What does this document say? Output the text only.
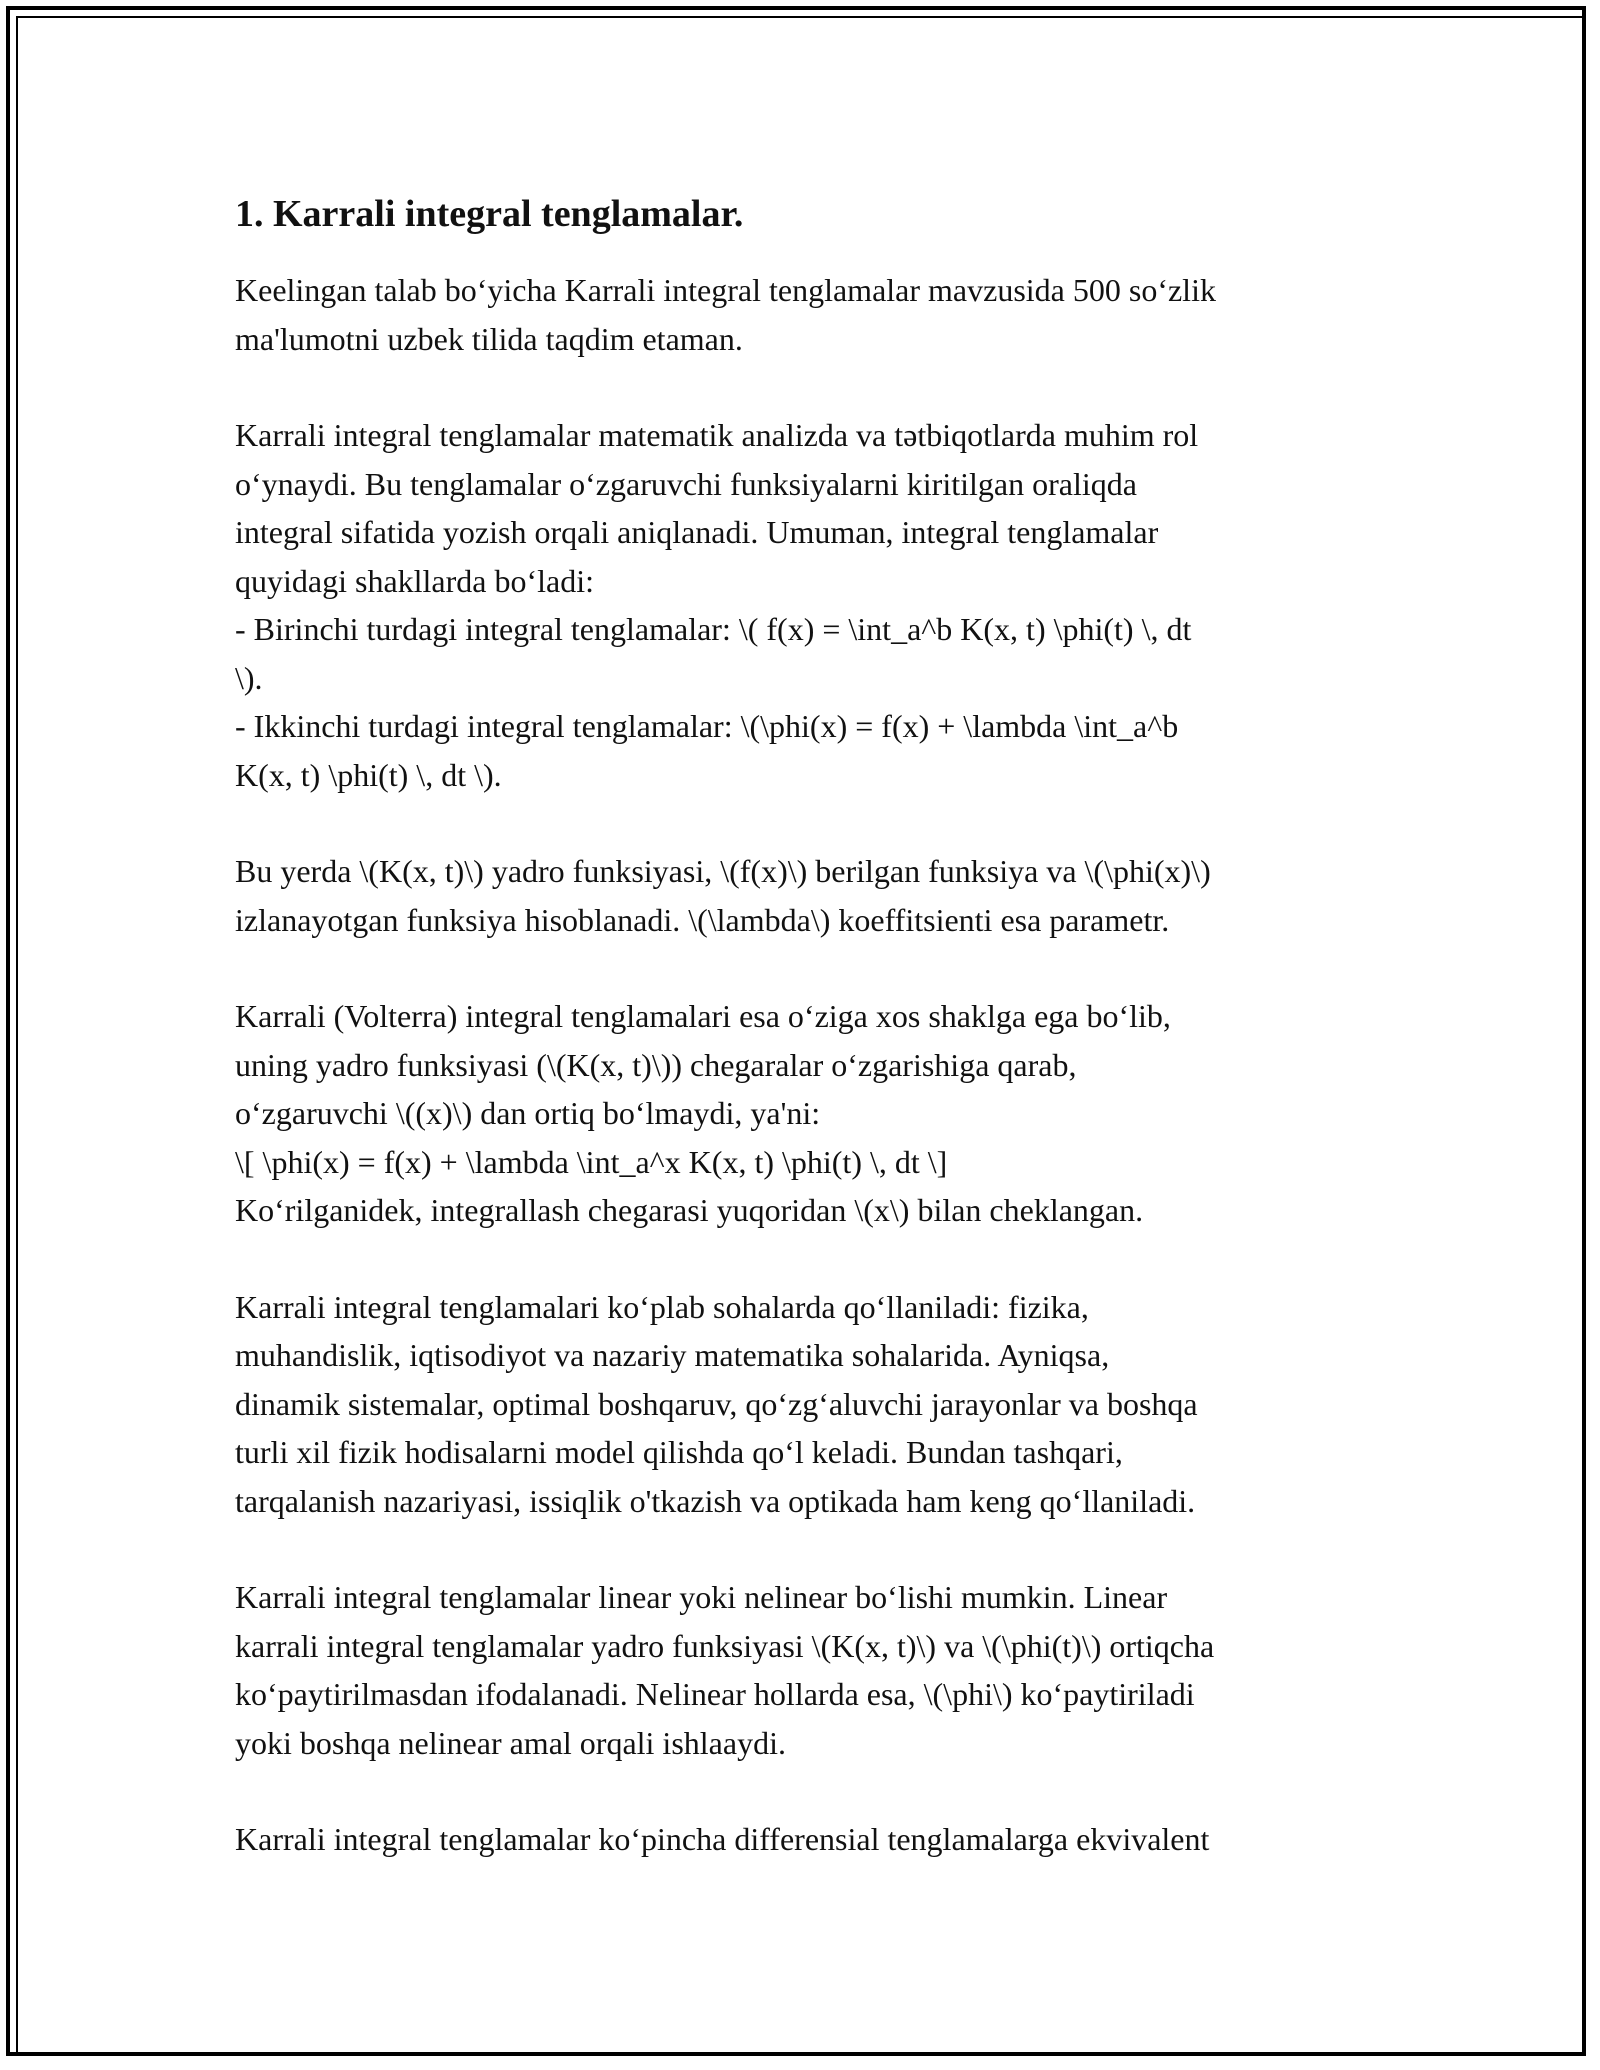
1. Karrali integral tenglamalar.
Keelingan talab bo‘yicha Karrali integral tenglamalar mavzusida 500 so‘zlik
ma'lumotni uzbek tilida taqdim etaman.
Karrali integral tenglamalar matematik analizda va tətbiqotlarda muhim rol
o‘ynaydi. Bu tenglamalar o‘zgaruvchi funksiyalarni kiritilgan oraliqda
integral sifatida yozish orqali aniqlanadi. Umuman, integral tenglamalar
quyidagi shakllarda bo‘ladi:
- Birinchi turdagi integral tenglamalar: \( f(x) = \int_a^b K(x, t) \phi(t) \, dt
\).
- Ikkinchi turdagi integral tenglamalar: \(\phi(x) = f(x) + \lambda \int_a^b
K(x, t) \phi(t) \, dt \).
Bu yerda \(K(x, t)\) yadro funksiyasi, \(f(x)\) berilgan funksiya va \(\phi(x)\)
izlanayotgan funksiya hisoblanadi. \(\lambda\) koeffitsienti esa parametr.
Karrali (Volterra) integral tenglamalari esa o‘ziga xos shaklga ega bo‘lib,
uning yadro funksiyasi (\(K(x, t)\)) chegaralar o‘zgarishiga qarab,
o‘zgaruvchi \((x)\) dan ortiq bo‘lmaydi, ya'ni:
\[ \phi(x) = f(x) + \lambda \int_a^x K(x, t) \phi(t) \, dt \]
Ko‘rilganidek, integrallash chegarasi yuqoridan \(x\) bilan cheklangan.
Karrali integral tenglamalari ko‘plab sohalarda qo‘llaniladi: fizika,
muhandislik, iqtisodiyot va nazariy matematika sohalarida. Ayniqsa,
dinamik sistemalar, optimal boshqaruv, qo‘zg‘aluvchi jarayonlar va boshqa
turli xil fizik hodisalarni model qilishda qo‘l keladi. Bundan tashqari,
tarqalanish nazariyasi, issiqlik o'tkazish va optikada ham keng qo‘llaniladi.
Karrali integral tenglamalar linear yoki nelinear bo‘lishi mumkin. Linear
karrali integral tenglamalar yadro funksiyasi \(K(x, t)\) va \(\phi(t)\) ortiqcha
ko‘paytirilmasdan ifodalanadi. Nelinear hollarda esa, \(\phi\) ko‘paytiriladi
yoki boshqa nelinear amal orqali ishlaaydi.
Karrali integral tenglamalar ko‘pincha differensial tenglamalarga ekvivalent
